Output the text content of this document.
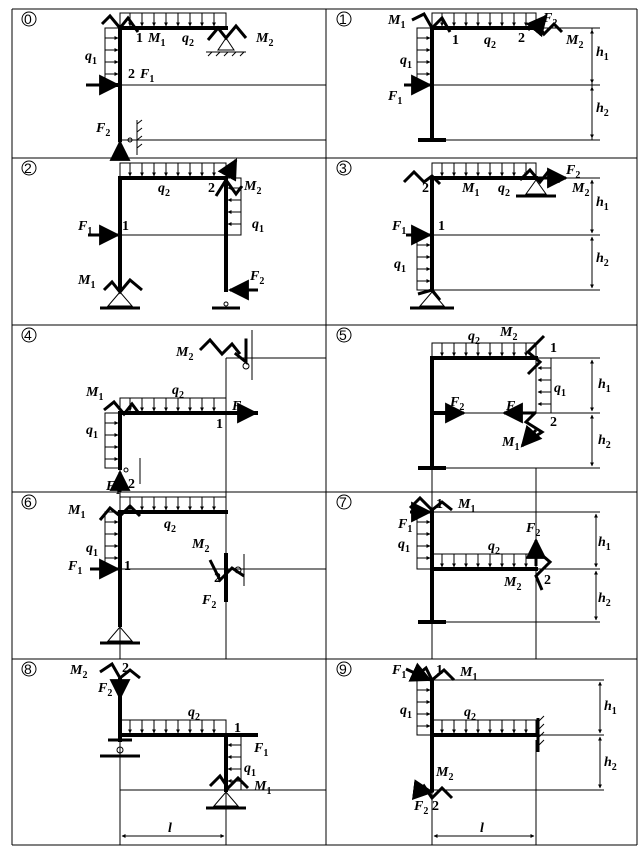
0
$q_1$
$q_2$
$M_1$	$M_2$
$F_1$
$F_2$
1
2
1
$q_1$
$q_2$
$M_1$
$M_2$
$F_1$
$F_2$
1	2
$h_1$
$h_2$
2
$q_1$
$q_2$
$M_1$
$M_2$
$F_1$
$F_2$
1
2
3
$q_1$
$q_2$
$M_1$	$M_2$
$F_1$
$F_2$
1
2
$h_1$
$h_2$
4
$q_1$
$q_2$
$M_1$
$M_2$
$F_1$
$F_2$
1
2
5
$q_1$
$q_2$
$M_1$
$M_2$
$F_1$
$F_2$
1
2
$h_1$
$h_2$
6
$q_1$
$q_2$
$M_1$
$M_2$
$F_1$
$F_2$
1
2
7
$q_1$	$q_2$
$M_1$
$M_2$
$F_1$	$F_2$
1
2
$h_1$
$h_2$
8
$q_1$
$q_2$
$M_1$
$M_2$
$F_1$
$F_2$
1
2
l
9
$q_1$	$q_2$
$M_1$
$M_2$
$F_1$
$F_2$
1
2
$h_1$
$h_2$
l
